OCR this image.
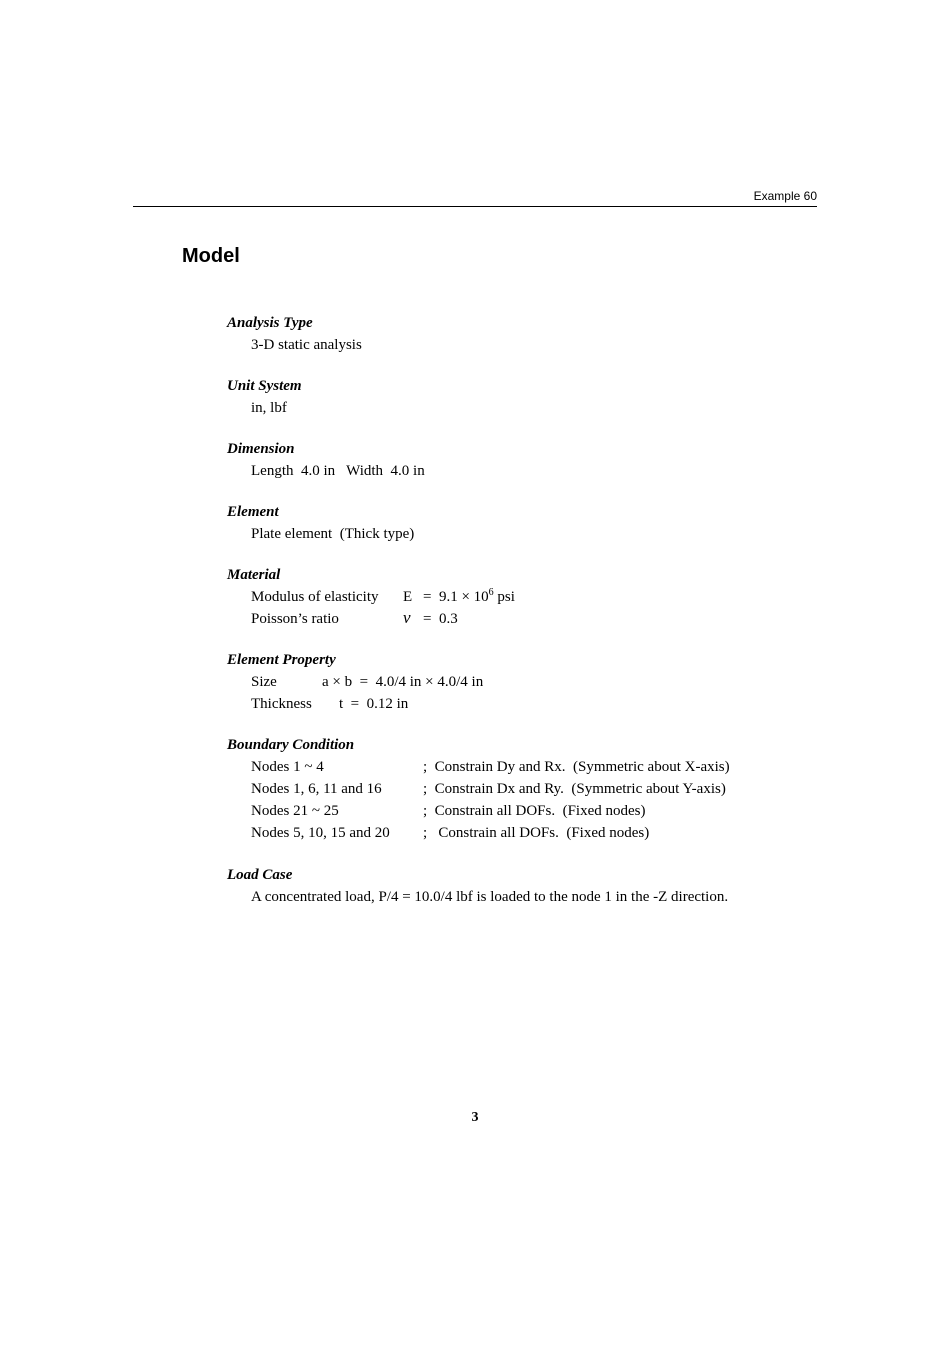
Example 60
Model
Analysis Type
3-D static analysis
Unit System
in, lbf
Dimension
Length  4.0 in   Width  4.0 in
Element
Plate element  (Thick type)
Material
Modulus of elasticity $E = 9.1 \times 10^6$ psi
Poisson’s ratio	ν =  0.3
Element Property
Size	a × b  =  4.0/4 in × 4.0/4 in
Thickness t  =  0.12 in
Boundary Condition
Nodes 1 ~ 4	;  Constrain Dy and Rx.  (Symmetric about X-axis)
Nodes 1, 6, 11 and 16	;  Constrain Dx and Ry.  (Symmetric about Y-axis)
Nodes 21 ~ 25	;  Constrain all DOFs.  (Fixed nodes)
Nodes 5, 10, 15 and 20 ;   Constrain all DOFs.  (Fixed nodes)
Load Case
A concentrated load, P/4 = 10.0/4 lbf is loaded to the node 1 in the -Z direction.
3
